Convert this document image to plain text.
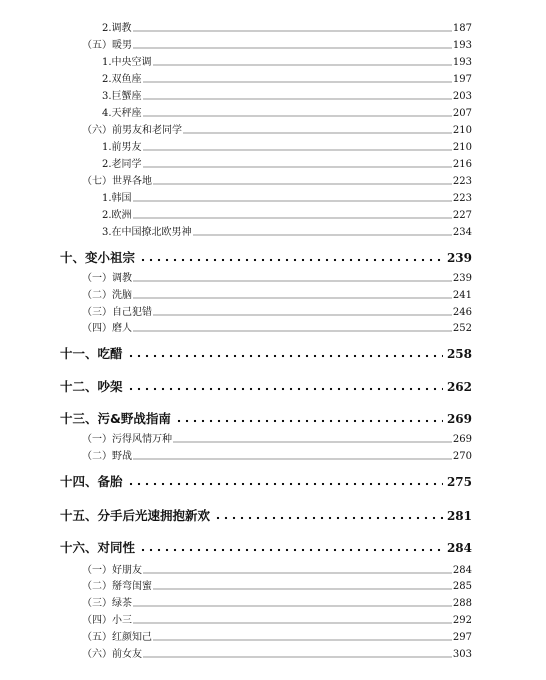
2.调教	187
（五）暖男	193
1.中央空调	193
2.双鱼座	197
3.巨蟹座	203
4.天秤座	207
（六）前男友和老同学	210
1.前男友	210
2.老同学	216
（七）世界各地	223
1.韩国	223
2.欧洲	227
3.在中国撩北欧男神	234
十、变小祖宗	239
（一）调教	239
（二）洗脑	241
（三）自己犯错	246
（四）磨人	252
十一、吃醋	258
十二、吵架	262
十三、污&野战指南	269
（一）污得风情万种	269
（二）野战	270
十四、备胎	275
十五、分手后光速拥抱新欢	281
十六、对同性	284
（一）好朋友	284
（二）掰弯闺蜜	285
（三）绿茶	288
（四）小三	292
（五）红颜知己	297
（六）前女友	303
